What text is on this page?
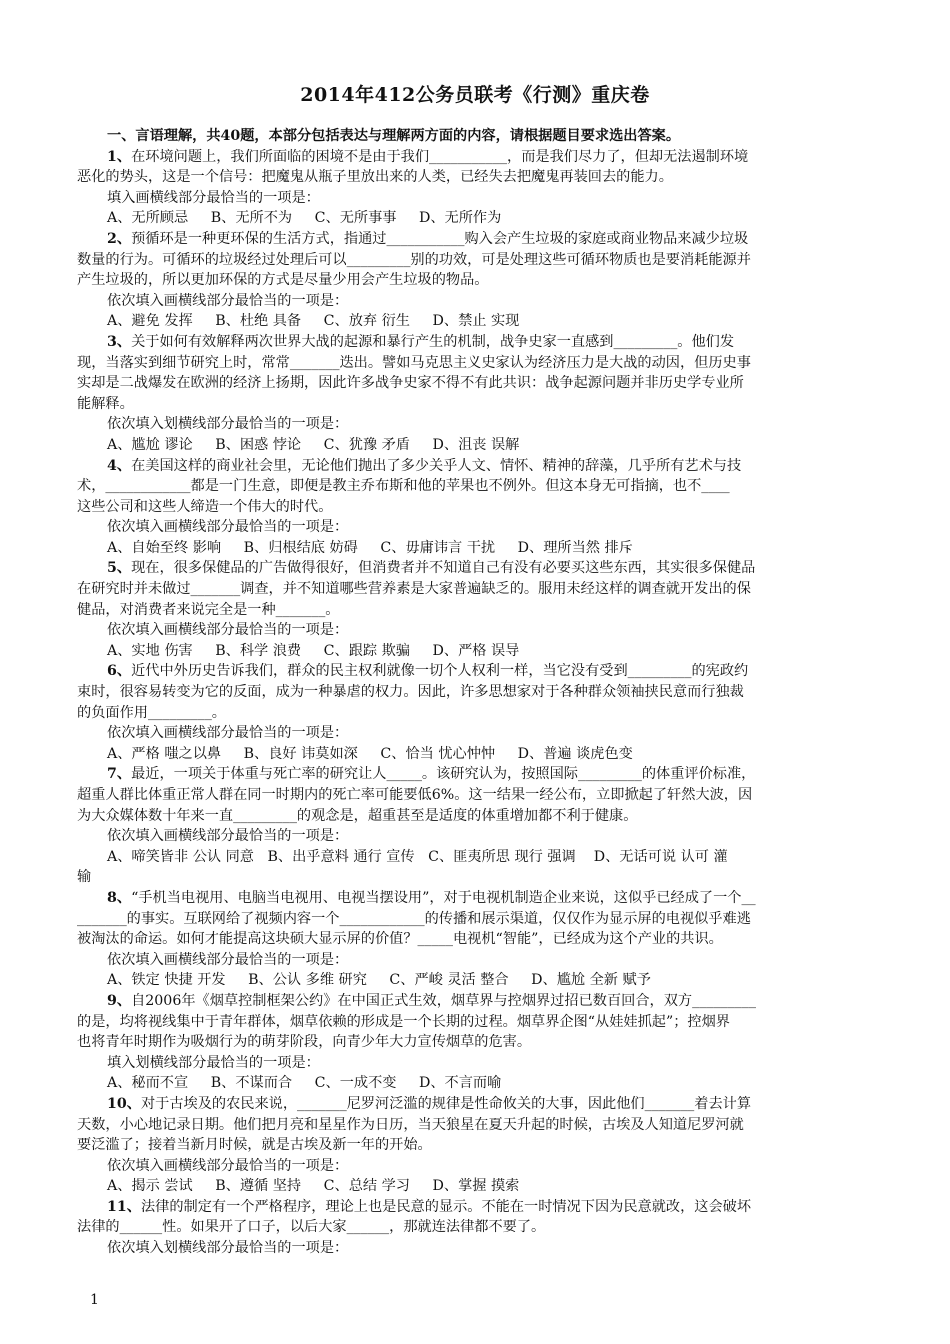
2014年412公务员联考《行测》重庆卷
一、言语理解，共40题，本部分包括表达与理解两方面的内容，请根据题目要求选出答案。
1、在环境问题上，我们所面临的困境不是由于我们___________，而是我们尽力了，但却无法遏制环境
恶化的势头，这是一个信号：把魔鬼从瓶子里放出来的人类，已经失去把魔鬼再装回去的能力。
填入画横线部分最恰当的一项是：
A、无所顾忌     B、无所不为     C、无所事事     D、无所作为
2、预循环是一种更环保的生活方式，指通过___________购入会产生垃圾的家庭或商业物品来减少垃圾
数量的行为。可循环的垃圾经过处理后可以_________别的功效，可是处理这些可循环物质也是要消耗能源并
产生垃圾的，所以更加环保的方式是尽量少用会产生垃圾的物品。
依次填入画横线部分最恰当的一项是：
A、避免 发挥     B、杜绝 具备     C、放弃 衍生     D、禁止 实现
3、关于如何有效解释两次世界大战的起源和暴行产生的机制，战争史家一直感到_________。他们发
现，当落实到细节研究上时，常常_______迭出。譬如马克思主义史家认为经济压力是大战的动因，但历史事
实却是二战爆发在欧洲的经济上扬期，因此许多战争史家不得不有此共识：战争起源问题并非历史学专业所
能解释。
依次填入划横线部分最恰当的一项是：
A、尴尬 谬论     B、困惑 悖论     C、犹豫 矛盾     D、沮丧 误解
4、在美国这样的商业社会里，无论他们抛出了多少关乎人文、情怀、精神的辞藻，几乎所有艺术与技
术，____________都是一门生意，即便是教主乔布斯和他的苹果也不例外。但这本身无可指摘，也不____
这些公司和这些人缔造一个伟大的时代。
依次填入画横线部分最恰当的一项是：
A、自始至终 影响     B、归根结底 妨碍     C、毋庸讳言 干扰     D、理所当然 排斥
5、现在，很多保健品的广告做得很好，但消费者并不知道自己有没有必要买这些东西，其实很多保健品
在研究时并未做过_______调查，并不知道哪些营养素是大家普遍缺乏的。服用未经这样的调查就开发出的保
健品，对消费者来说完全是一种_______。
依次填入画横线部分最恰当的一项是：
A、实地 伤害     B、科学 浪费     C、跟踪 欺骗     D、严格 误导
6、近代中外历史告诉我们，群众的民主权利就像一切个人权利一样，当它没有受到_________的宪政约
束时，很容易转变为它的反面，成为一种暴虐的权力。因此，许多思想家对于各种群众领袖挟民意而行独裁
的负面作用_________。
依次填入画横线部分最恰当的一项是：
A、严格 嗤之以鼻     B、良好 讳莫如深     C、恰当 忧心忡忡     D、普遍 谈虎色变
7、最近，一项关于体重与死亡率的研究让人_____。该研究认为，按照国际_________的体重评价标准，
超重人群比体重正常人群在同一时期内的死亡率可能要低6%。这一结果一经公布，立即掀起了轩然大波，因
为大众媒体数十年来一直_________的观念是，超重甚至是适度的体重增加都不利于健康。
依次填入画横线部分最恰当的一项是：
A、啼笑皆非 公认 同意   B、出乎意料 通行 宣传   C、匪夷所思 现行 强调    D、无话可说 认可 灌
输
8、“手机当电视用、电脑当电视用、电视当摆设用”，对于电视机制造企业来说，这似乎已经成了一个__
_______的事实。互联网给了视频内容一个____________的传播和展示渠道，仅仅作为显示屏的电视似乎难逃
被淘汰的命运。如何才能提高这块硕大显示屏的价值？_____电视机“智能”，已经成为这个产业的共识。
依次填入画横线部分最恰当的一项是：
A、铁定 快捷 开发     B、公认 多维 研究     C、严峻 灵活 整合     D、尴尬 全新 赋予
9、自2006年《烟草控制框架公约》在中国正式生效，烟草界与控烟界过招已数百回合，双方_________
的是，均将视线集中于青年群体，烟草依赖的形成是一个长期的过程。烟草界企图“从娃娃抓起”；控烟界
也将青年时期作为吸烟行为的萌芽阶段，向青少年大力宣传烟草的危害。
填入划横线部分最恰当的一项是：
A、秘而不宣     B、不谋而合     C、一成不变     D、不言而喻
10、对于古埃及的农民来说，_______尼罗河泛滥的规律是性命攸关的大事，因此他们_______着去计算
天数，小心地记录日期。他们把月亮和星星作为日历，当天狼星在夏天升起的时候，古埃及人知道尼罗河就
要泛滥了；接着当新月时候，就是古埃及新一年的开始。
依次填入画横线部分最恰当的一项是：
A、揭示 尝试     B、遵循 坚持     C、总结 学习     D、掌握 摸索
11、法律的制定有一个严格程序，理论上也是民意的显示。不能在一时情况下因为民意就改，这会破坏
法律的______性。如果开了口子，以后大家______，那就连法律都不要了。
依次填入划横线部分最恰当的一项是：
1
